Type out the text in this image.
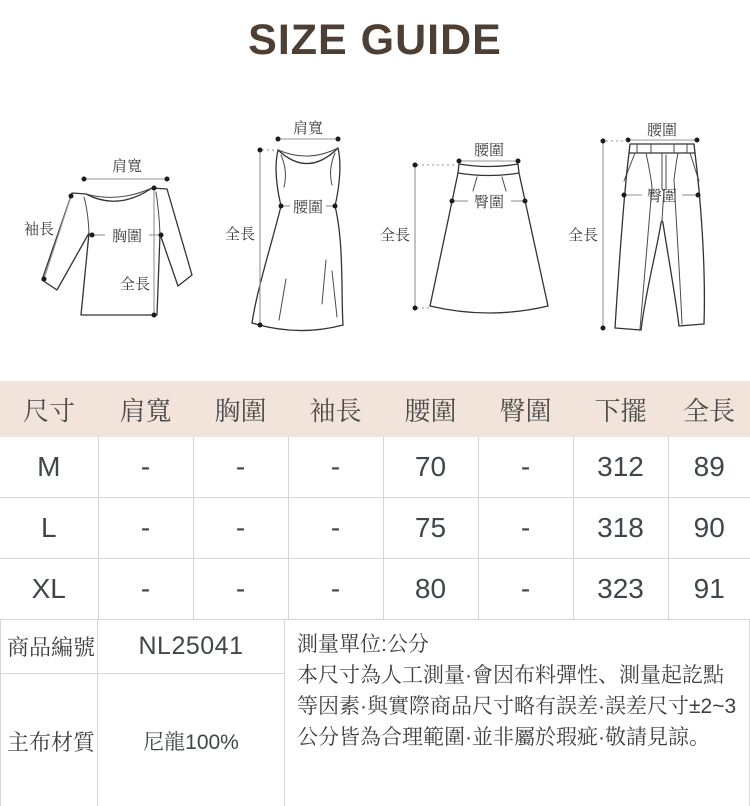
SIZE GUIDE
肩寬
袖長	胸圍
全長
肩寬
腰圍
全長
腰圍
臀圍
全長
腰圍
臀圍
全長
尺寸	肩寬	胸圍	袖長	腰圍	臀圍	下擺	全長
M	-	-	-	70	-	312	89
L	-	-	-	75	-	318	90
XL	-	-	-	80	-	323	91
商品編號	NL25041
主布材質	尼龍100%
測量單位:公分
本尺寸為人工測量·會因布料彈性、測量起訖點等因素·與實際商品尺寸略有誤差·誤差尺寸±2~3公分皆為合理範圍·並非屬於瑕疵·敬請見諒。
